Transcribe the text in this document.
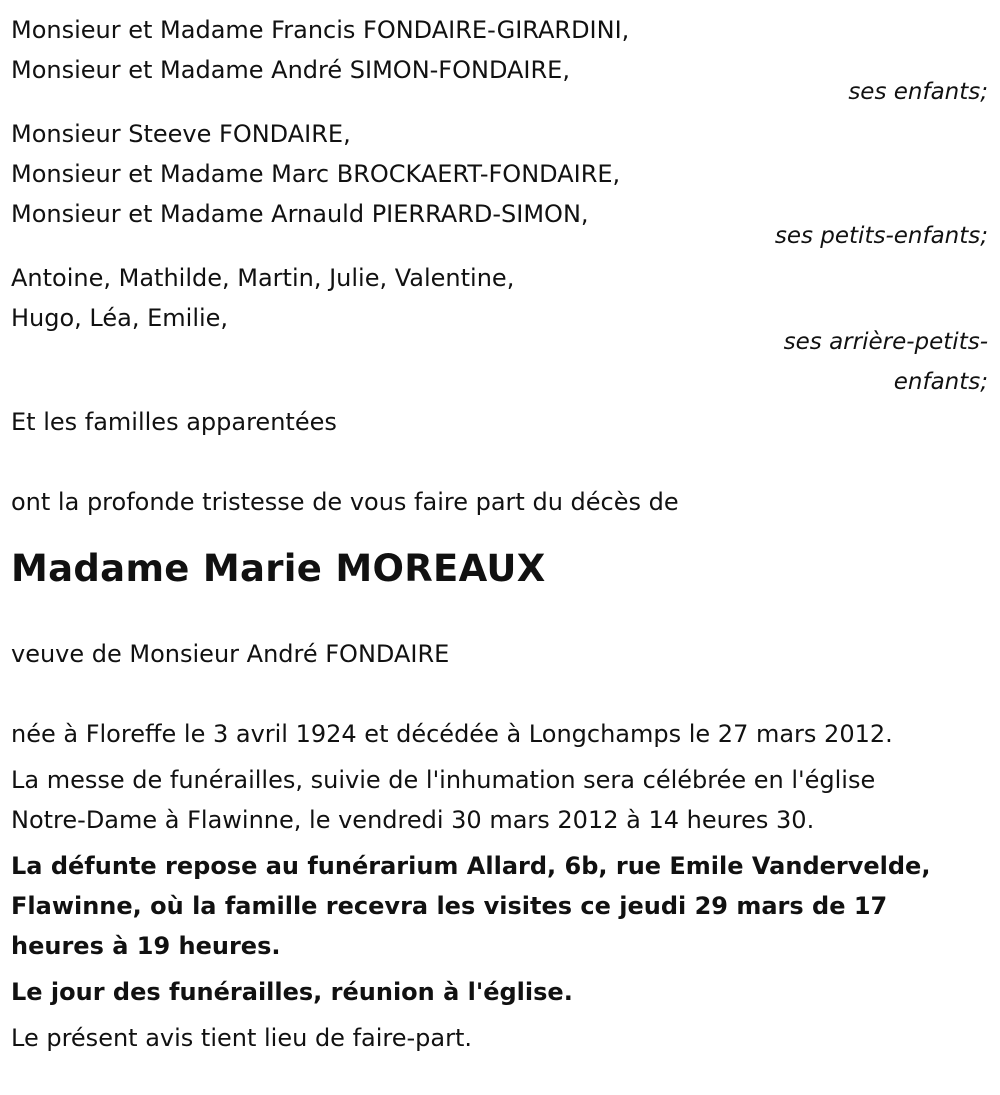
Monsieur et Madame Francis FONDAIRE-GIRARDINI,

Monsieur et Madame André SIMON-FONDAIRE,

ses enfants;

Monsieur Steeve FONDAIRE,

Monsieur et Madame Marc BROCKAERT-FONDAIRE,

Monsieur et Madame Arnauld PIERRARD-SIMON,

ses petits-enfants;

Antoine, Mathilde, Martin, Julie, Valentine,

Hugo, Léa, Emilie,

ses arrière-petits-

enfants;

Et les familles apparentées

ont la profonde tristesse de vous faire part du décès de

Madame Marie MOREAUX

veuve de Monsieur André FONDAIRE

née à Floreffe le 3 avril 1924 et décédée à Longchamps le 27 mars 2012.

La messe de funérailles, suivie de l'inhumation sera célébrée en l'église

Notre-Dame à Flawinne, le vendredi 30 mars 2012 à 14 heures 30.

La défunte repose au funérarium Allard, 6b, rue Emile Vandervelde,

Flawinne, où la famille recevra les visites ce jeudi 29 mars de 17

heures à 19 heures.

Le jour des funérailles, réunion à l'église.

Le présent avis tient lieu de faire-part.
